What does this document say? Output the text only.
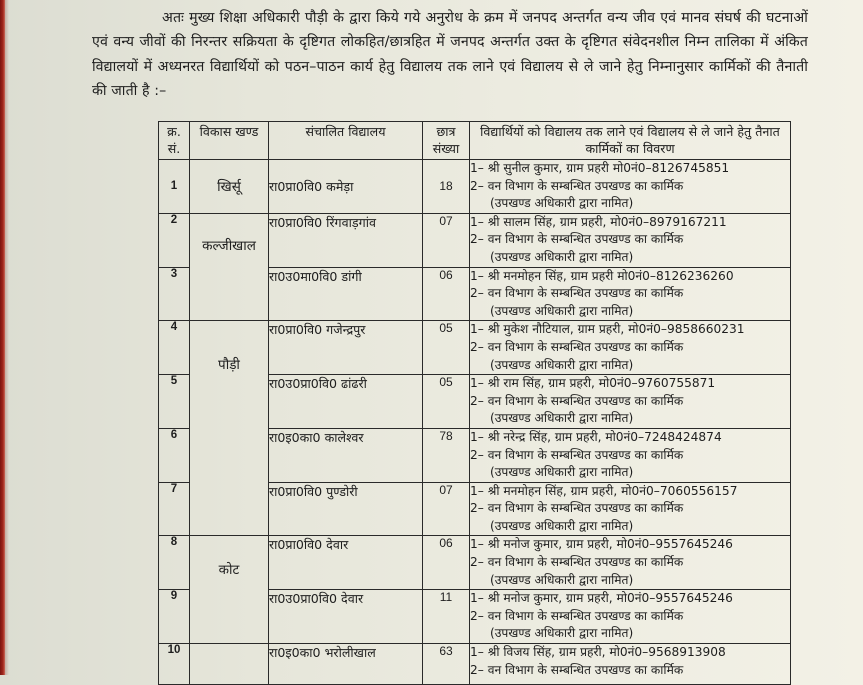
अतः मुख्य शिक्षा अधिकारी पौड़ी के द्वारा किये गये अनुरोध के क्रम में जनपद अन्तर्गत वन्य जीव एवं मानव संघर्ष की घटनाओं एवं वन्य जीवों की निरन्तर सक्रियता के दृष्टिगत लोकहित/छात्रहित में जनपद अन्तर्गत उक्त के दृष्टिगत संवेदनशील निम्न तालिका में अंकित विद्यालयों में अध्यनरत विद्यार्थियों को पठन–पाठन कार्य हेतु विद्यालय तक लाने एवं विद्यालय से ले जाने हेतु निम्नानुसार कार्मिकों की तैनाती की जाती है :–

क्र. सं.	विकास खण्ड	संचालित विद्यालय	छात्र संख्या	विद्यार्थियों को विद्यालय तक लाने एवं विद्यालय से ले जाने हेतु तैनात कार्मिकों का विवरण
1	खिर्सू	रा0प्रा0वि0 कमेड़ा	18	1– श्री सुनील कुमार, ग्राम प्रहरी मो0नं0–8126745851
2– वन विभाग के सम्बन्धित उपखण्ड का कार्मिक
(उपखण्ड अधिकारी द्वारा नामित)

2	कल्जीखाल	रा0प्रा0वि0 रिंगवाड़गांव	07	1– श्री सालम सिंह, ग्राम प्रहरी, मो0नं0–8979167211
2– वन विभाग के सम्बन्धित उपखण्ड का कार्मिक
(उपखण्ड अधिकारी द्वारा नामित)

3		रा0उ0मा0वि0 डांगी	06	1– श्री मनमोहन सिंह, ग्राम प्रहरी मो0नं0–8126236260
2– वन विभाग के सम्बन्धित उपखण्ड का कार्मिक
(उपखण्ड अधिकारी द्वारा नामित)

4	पौड़ी	रा0प्रा0वि0 गजेन्द्रपुर	05	1– श्री मुकेश नौटियाल, ग्राम प्रहरी, मो0नं0–9858660231
2– वन विभाग के सम्बन्धित उपखण्ड का कार्मिक
(उपखण्ड अधिकारी द्वारा नामित)

5		रा0उ0प्रा0वि0 ढांढरी	05	1– श्री राम सिंह, ग्राम प्रहरी, मो0नं0–9760755871
2– वन विभाग के सम्बन्धित उपखण्ड का कार्मिक
(उपखण्ड अधिकारी द्वारा नामित)

6		रा0इ0का0 कालेश्वर	78	1– श्री नरेन्द्र सिंह, ग्राम प्रहरी, मो0नं0–7248424874
2– वन विभाग के सम्बन्धित उपखण्ड का कार्मिक
(उपखण्ड अधिकारी द्वारा नामित)

7		रा0प्रा0वि0 पुण्डोरी	07	1– श्री मनमोहन सिंह, ग्राम प्रहरी, मो0नं0–7060556157
2– वन विभाग के सम्बन्धित उपखण्ड का कार्मिक
(उपखण्ड अधिकारी द्वारा नामित)

8	कोट	रा0प्रा0वि0 देवार	06	1– श्री मनोज कुमार, ग्राम प्रहरी, मो0नं0–9557645246
2– वन विभाग के सम्बन्धित उपखण्ड का कार्मिक
(उपखण्ड अधिकारी द्वारा नामित)

9		रा0उ0प्रा0वि0 देवार	11	1– श्री मनोज कुमार, ग्राम प्रहरी, मो0नं0–9557645246
2– वन विभाग के सम्बन्धित उपखण्ड का कार्मिक
(उपखण्ड अधिकारी द्वारा नामित)

10		रा0इ0का0 भरोलीखाल	63	1– श्री विजय सिंह, ग्राम प्रहरी, मो0नं0–9568913908
2– वन विभाग के सम्बन्धित उपखण्ड का कार्मिक
